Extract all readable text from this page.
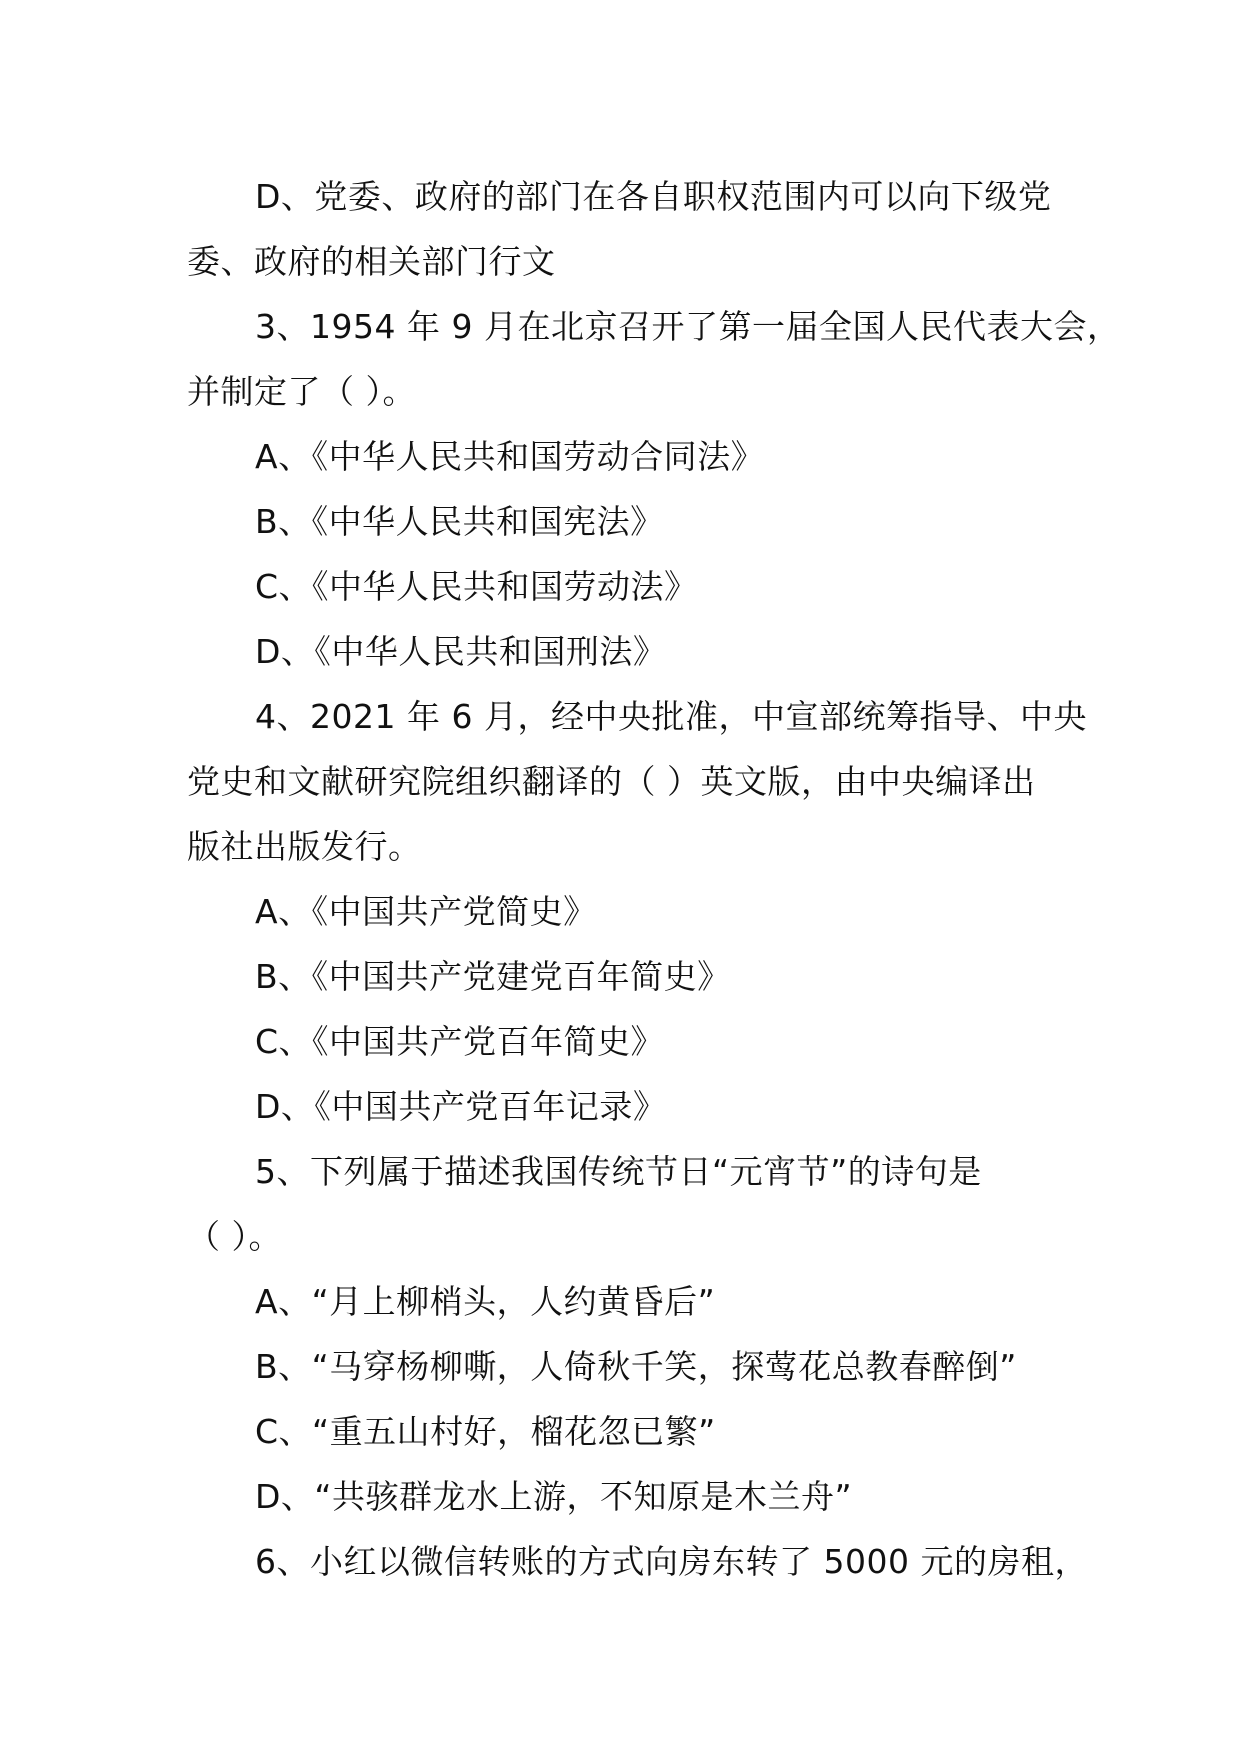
D、党委、政府的部门在各自职权范围内可以向下级党
委、政府的相关部门行文
3、1954 年 9 月在北京召开了第一届全国人民代表大会，
并制定了（ ）。
A、《中华人民共和国劳动合同法》
B、《中华人民共和国宪法》
C、《中华人民共和国劳动法》
D、《中华人民共和国刑法》
4、2021 年 6 月，经中央批准，中宣部统筹指导、中央
党史和文献研究院组织翻译的（ ）英文版，由中央编译出
版社出版发行。
A、《中国共产党简史》
B、《中国共产党建党百年简史》
C、《中国共产党百年简史》
D、《中国共产党百年记录》
5、下列属于描述我国传统节日“元宵节”的诗句是
（ ）。
A、“月上柳梢头，人约黄昏后”
B、“马穿杨柳嘶，人倚秋千笑，探莺花总教春醉倒”
C、“重五山村好，榴花忽已繁”
D、“共骇群龙水上游，不知原是木兰舟”
6、小红以微信转账的方式向房东转了 5000 元的房租，
